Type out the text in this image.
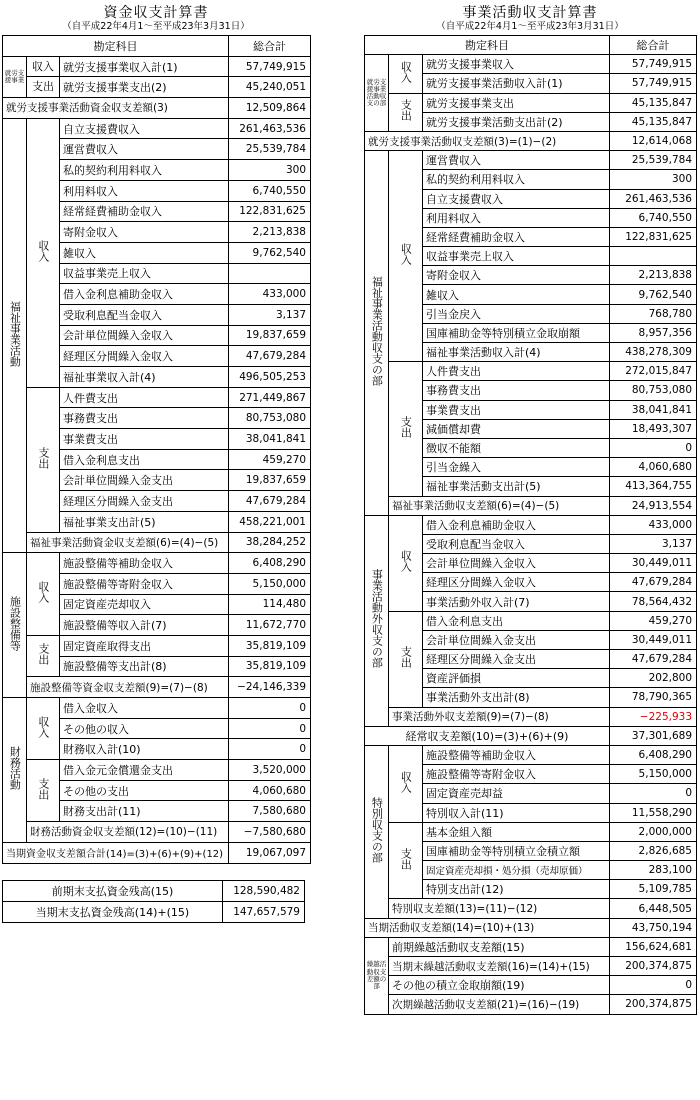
資金収支計算書
（自平成22年4月1～至平成23年3月31日）
勘定科目			総合計
就労支援事業	収入	就労支援事業収入計(1)	57,749,915
	支出	就労支援事業支出(2)	45,240,051
就労支援事業活動資金収支差額(3)			12,509,864
福祉事業活動	収入	自立支援費収入	261,463,536
		運営費収入	25,539,784
		私的契約利用料収入	300
		利用料収入	6,740,550
		経常経費補助金収入	122,831,625
		寄附金収入	2,213,838
		雑収入	9,762,540
		収益事業売上収入	
		借入金利息補助金収入	433,000
		受取利息配当金収入	3,137
		会計単位間繰入金収入	19,837,659
		経理区分間繰入金収入	47,679,284
		福祉事業収入計(4)	496,505,253
	支出	人件費支出	271,449,867
		事務費支出	80,753,080
		事業費支出	38,041,841
		借入金利息支出	459,270
		会計単位間繰入金支出	19,837,659
		経理区分間繰入金支出	47,679,284
		福祉事業支出計(5)	458,221,001
	福祉事業活動資金収支差額(6)=(4)−(5)		38,284,252
施設整備等	収入	施設整備等補助金収入	6,408,290
		施設整備等寄附金収入	5,150,000
		固定資産売却収入	114,480
		施設整備等収入計(7)	11,672,770
	支出	固定資産取得支出	35,819,109
		施設整備等支出計(8)	35,819,109
	施設整備等資金収支差額(9)=(7)−(8)		−24,146,339
財務活動	収入	借入金収入	0
		その他の収入	0
		財務収入計(10)	0
	支出	借入金元金償還金支出	3,520,000
		その他の支出	4,060,680
		財務支出計(11)	7,580,680
	財務活動資金収支差額(12)=(10)−(11)		−7,580,680
当期資金収支差額合計(14)=(3)+(6)+(9)+(12)			19,067,097
前期末支払資金残高(15)	128,590,482
当期末支払資金残高(14)+(15)	147,657,579
事業活動収支計算書
（自平成22年4月1～至平成23年3月31日）
勘定科目			総合計
就労支援事業活動収支の部	収入	就労支援事業収入	57,749,915
		就労支援事業活動収入計(1)	57,749,915
	支出	就労支援事業支出	45,135,847
		就労支援事業活動支出計(2)	45,135,847
就労支援事業活動収支差額(3)=(1)−(2)			12,614,068
福祉事業活動収支の部	収入	運営費収入	25,539,784
		私的契約利用料収入	300
		自立支援費収入	261,463,536
		利用料収入	6,740,550
		経常経費補助金収入	122,831,625
		収益事業売上収入	
		寄附金収入	2,213,838
		雑収入	9,762,540
		引当金戻入	768,780
		国庫補助金等特別積立金取崩額	8,957,356
		福祉事業活動収入計(4)	438,278,309
	支出	人件費支出	272,015,847
		事務費支出	80,753,080
		事業費支出	38,041,841
		減価償却費	18,493,307
		徴収不能額	0
		引当金繰入	4,060,680
		福祉事業活動支出計(5)	413,364,755
	福祉事業活動収支差額(6)=(4)−(5)		24,913,554
事業活動外収支の部	収入	借入金利息補助金収入	433,000
		受取利息配当金収入	3,137
		会計単位間繰入金収入	30,449,011
		経理区分間繰入金収入	47,679,284
		事業活動外収入計(7)	78,564,432
	支出	借入金利息支出	459,270
		会計単位間繰入金支出	30,449,011
		経理区分間繰入金支出	47,679,284
		資産評価損	202,800
		事業活動外支出計(8)	78,790,365
	事業活動外収支差額(9)=(7)−(8)		−225,933
経常収支差額(10)=(3)+(6)+(9)			37,301,689
特別収支の部	収入	施設整備等補助金収入	6,408,290
		施設整備等寄附金収入	5,150,000
		固定資産売却益	0
		特別収入計(11)	11,558,290
	支出	基本金組入額	2,000,000
		国庫補助金等特別積立金積立額	2,826,685
		固定資産売却損・処分損（売却原価）	283,100
		特別支出計(12)	5,109,785
	特別収支差額(13)=(11)−(12)		6,448,505
当期活動収支差額(14)=(10)+(13)			43,750,194
繰越活動収支差額の部	前期繰越活動収支差額(15)		156,624,681
	当期末繰越活動収支差額(16)=(14)+(15)		200,374,875
	その他の積立金取崩額(19)		0
	次期繰越活動収支差額(21)=(16)−(19)		200,374,875
